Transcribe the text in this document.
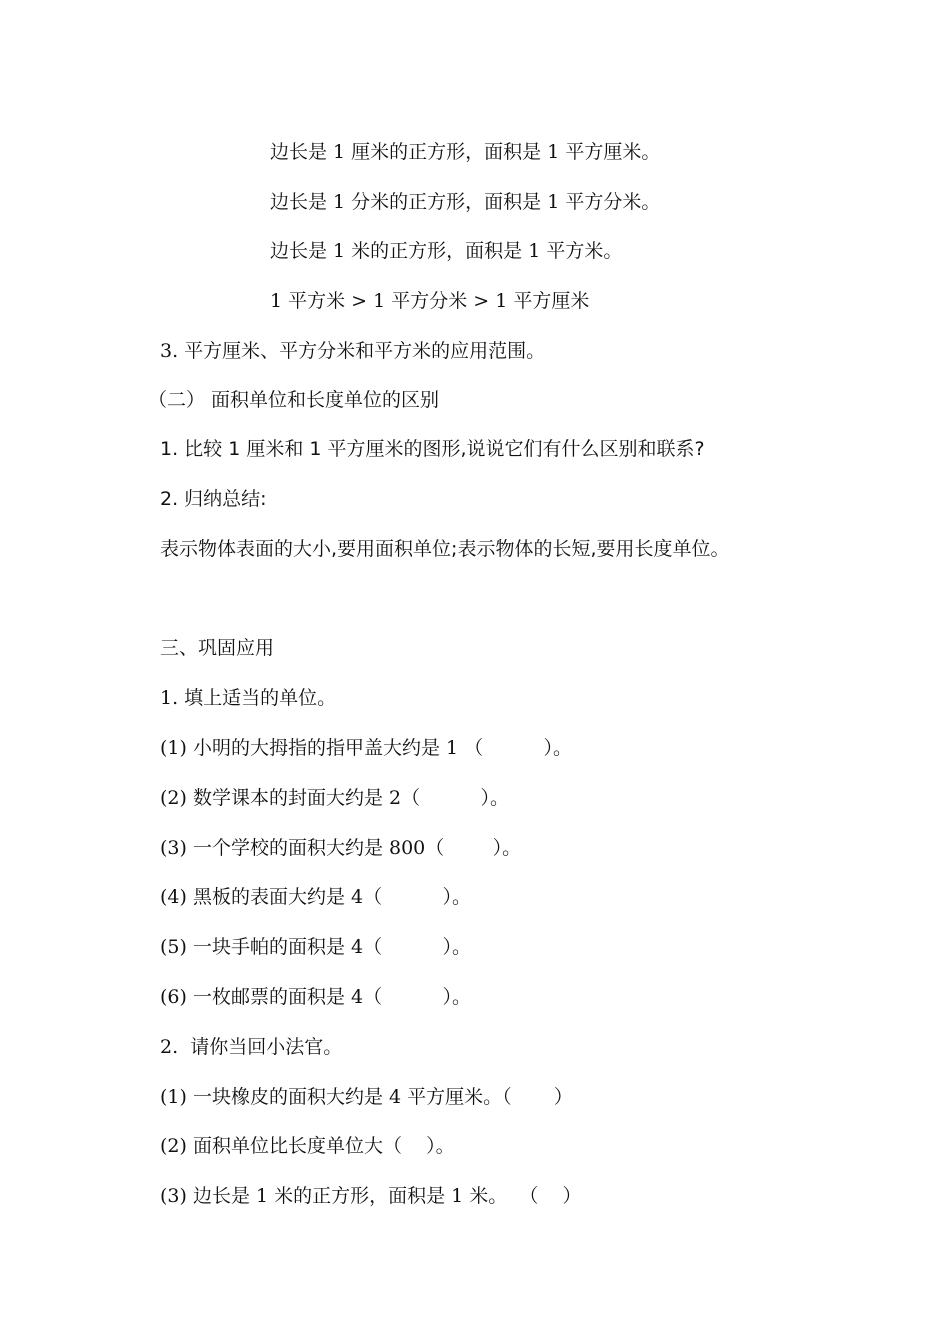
边长是 1 厘米的正方形，面积是 1 平方厘米。
边长是 1 分米的正方形，面积是 1 平方分米。
边长是 1 米的正方形，面积是 1 平方米。
1 平方米 > 1 平方分米 > 1 平方厘米
3. 平方厘米、平方分米和平方米的应用范围。
（二） 面积单位和长度单位的区别
1. 比较 1 厘米和 1 平方厘米的图形,说说它们有什么区别和联系?
2. 归纳总结:
表示物体表面的大小,要用面积单位;表示物体的长短,要用长度单位。
三、巩固应用
1. 填上适当的单位。
(1) 小明的大拇指的指甲盖大约是 1 （          ）。
(2) 数学课本的封面大约是 2（          ）。
(3) 一个学校的面积大约是 800（        ）。
(4) 黑板的表面大约是 4（          ）。
(5) 一块手帕的面积是 4（          ）。
(6) 一枚邮票的面积是 4（          ）。
2.  请你当回小法官。
(1) 一块橡皮的面积大约是 4 平方厘米。（       ）
(2) 面积单位比长度单位大（    ）。
(3) 边长是 1 米的正方形，面积是 1 米。  （    ）
